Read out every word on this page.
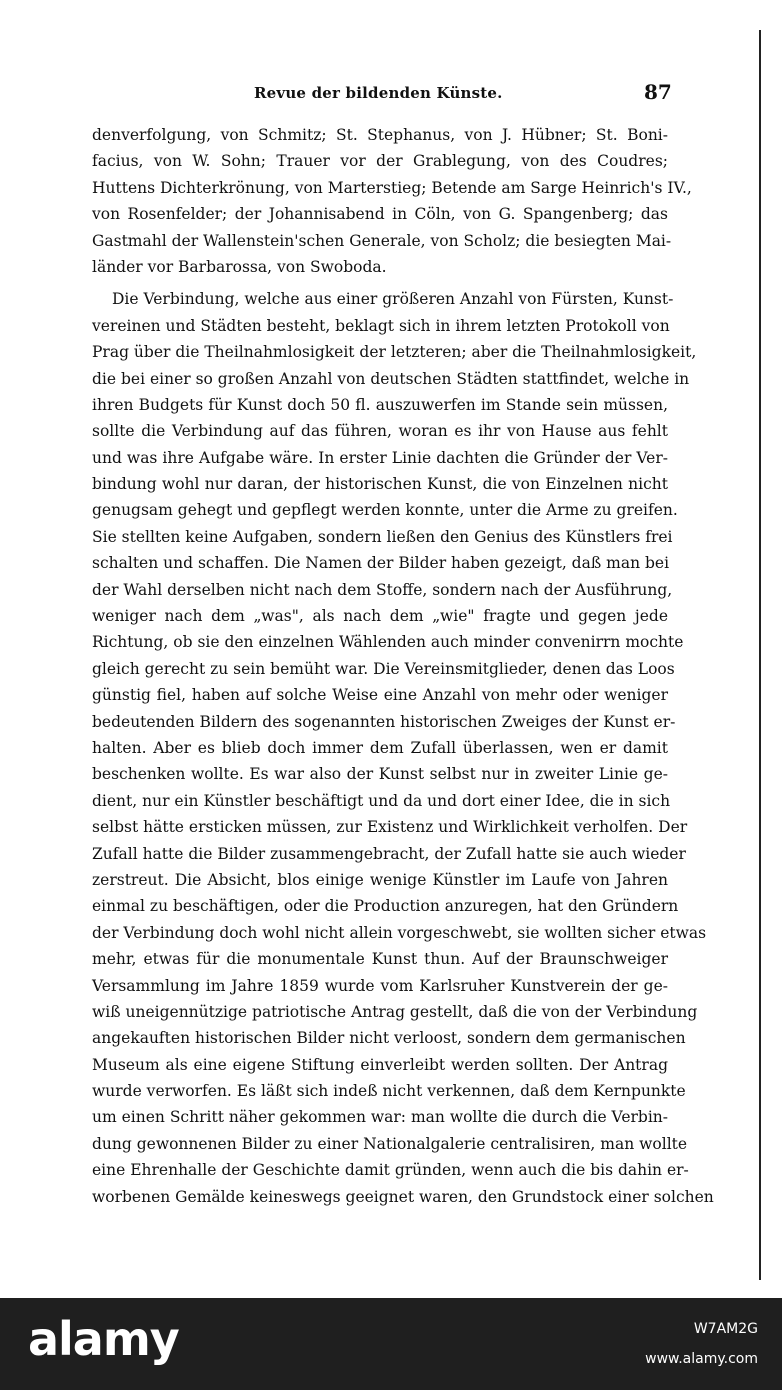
Revue der bildenden Künste.	87
denverfolgung, von Schmitz; St. Stephanus, von J. Hübner; St. Boni-
facius, von W. Sohn; Trauer vor der Grablegung, von des Coudres;
Huttens Dichterkrönung, von Marterstieg; Betende am Sarge Heinrich's IV.,
von Rosenfelder; der Johannisabend in Cöln, von G. Spangenberg; das
Gastmahl der Wallenstein'schen Generale, von Scholz; die besiegten Mai-
länder vor Barbarossa, von Swoboda.
Die Verbindung, welche aus einer größeren Anzahl von Fürsten, Kunst-
vereinen und Städten besteht, beklagt sich in ihrem letzten Protokoll von
Prag über die Theilnahmlosigkeit der letzteren; aber die Theilnahmlosigkeit,
die bei einer so großen Anzahl von deutschen Städten stattfindet, welche in
ihren Budgets für Kunst doch 50 fl. auszuwerfen im Stande sein müssen,
sollte die Verbindung auf das führen, woran es ihr von Hause aus fehlt
und was ihre Aufgabe wäre. In erster Linie dachten die Gründer der Ver-
bindung wohl nur daran, der historischen Kunst, die von Einzelnen nicht
genugsam gehegt und gepflegt werden konnte, unter die Arme zu greifen.
Sie stellten keine Aufgaben, sondern ließen den Genius des Künstlers frei
schalten und schaffen. Die Namen der Bilder haben gezeigt, daß man bei
der Wahl derselben nicht nach dem Stoffe, sondern nach der Ausführung,
weniger nach dem „was", als nach dem „wie" fragte und gegen jede
Richtung, ob sie den einzelnen Wählenden auch minder convenirrn mochte
gleich gerecht zu sein bemüht war. Die Vereinsmitglieder, denen das Loos
günstig fiel, haben auf solche Weise eine Anzahl von mehr oder weniger
bedeutenden Bildern des sogenannten historischen Zweiges der Kunst er-
halten. Aber es blieb doch immer dem Zufall überlassen, wen er damit
beschenken wollte. Es war also der Kunst selbst nur in zweiter Linie ge-
dient, nur ein Künstler beschäftigt und da und dort einer Idee, die in sich
selbst hätte ersticken müssen, zur Existenz und Wirklichkeit verholfen. Der
Zufall hatte die Bilder zusammengebracht, der Zufall hatte sie auch wieder
zerstreut. Die Absicht, blos einige wenige Künstler im Laufe von Jahren
einmal zu beschäftigen, oder die Production anzuregen, hat den Gründern
der Verbindung doch wohl nicht allein vorgeschwebt, sie wollten sicher etwas
mehr, etwas für die monumentale Kunst thun. Auf der Braunschweiger
Versammlung im Jahre 1859 wurde vom Karlsruher Kunstverein der ge-
wiß uneigennützige patriotische Antrag gestellt, daß die von der Verbindung
angekauften historischen Bilder nicht verloost, sondern dem germanischen
Museum als eine eigene Stiftung einverleibt werden sollten. Der Antrag
wurde verworfen. Es läßt sich indeß nicht verkennen, daß dem Kernpunkte
um einen Schritt näher gekommen war: man wollte die durch die Verbin-
dung gewonnenen Bilder zu einer Nationalgalerie centralisiren, man wollte
eine Ehrenhalle der Geschichte damit gründen, wenn auch die bis dahin er-
worbenen Gemälde keineswegs geeignet waren, den Grundstock einer solchen
alamy	W7AM2G
www.alamy.com
